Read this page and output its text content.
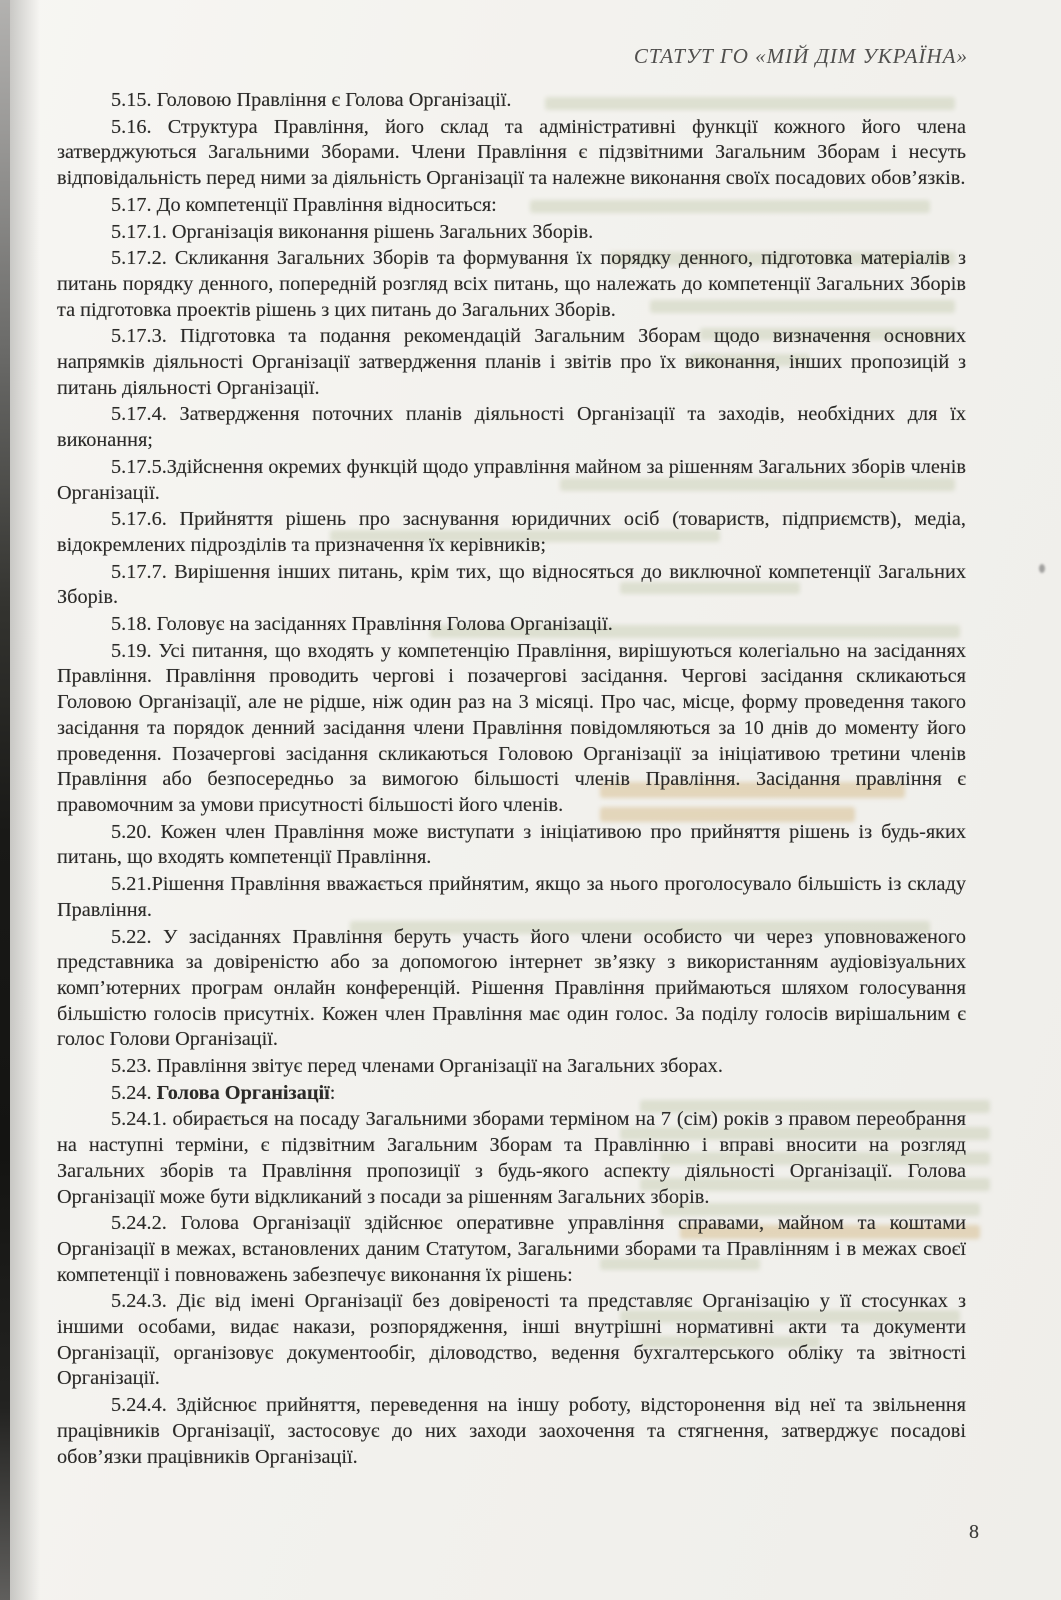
СТАТУТ ГО «МІЙ ДІМ УКРАЇНА»

5.15. Головою Правління є Голова Організації.

5.16. Структура Правління, його склад та адміністративні функції кожного його члена затверджуються Загальними Зборами. Члени Правління є підзвітними Загальним Зборам і несуть відповідальність перед ними за діяльність Організації та належне виконання своїх посадових обов’язків.

5.17. До компетенції Правління відноситься:

5.17.1. Організація виконання рішень Загальних Зборів.

5.17.2. Скликання Загальних Зборів та формування їх порядку денного, підготовка матеріалів з питань порядку денного, попередній розгляд всіх питань, що належать до компетенції Загальних Зборів та підготовка проектів рішень з цих питань до Загальних Зборів.

5.17.3. Підготовка та подання рекомендацій Загальним Зборам щодо визначення основних напрямків діяльності Організації затвердження планів і звітів про їх виконання, інших пропозицій з питань діяльності Організації.

5.17.4. Затвердження поточних планів діяльності Організації та заходів, необхідних для їх виконання;

5.17.5.Здійснення окремих функцій щодо управління майном за рішенням Загальних зборів членів Організації.

5.17.6. Прийняття рішень про заснування юридичних осіб (товариств, підприємств), медіа, відокремлених підрозділів та призначення їх керівників;

5.17.7. Вирішення інших питань, крім тих, що відносяться до виключної компетенції Загальних Зборів.

5.18. Головує на засіданнях Правління Голова Організації.

5.19. Усі питання, що входять у компетенцію Правління, вирішуються колегіально на засіданнях Правління. Правління проводить чергові і позачергові засідання. Чергові засідання скликаються Головою Організації, але не рідше, ніж один раз на 3 місяці. Про час, місце, форму проведення такого засідання та порядок денний засідання члени Правління повідомляються за 10 днів до моменту його проведення. Позачергові засідання скликаються Головою Організації за ініціативою третини членів Правління або безпосередньо за вимогою більшості членів Правління. Засідання правління є правомочним за умови присутності більшості його членів.

5.20. Кожен член Правління може виступати з ініціативою про прийняття рішень із будь-яких питань, що входять компетенції Правління.

5.21.Рішення Правління вважається прийнятим, якщо за нього проголосувало більшість із складу Правління.

5.22. У засіданнях Правління беруть участь його члени особисто чи через уповноваженого представника за довіреністю або за допомогою інтернет зв’язку з використанням аудіовізуальних комп’ютерних програм онлайн конференцій. Рішення Правління приймаються шляхом голосування більшістю голосів присутніх. Кожен член Правління має один голос. За поділу голосів вирішальним є голос Голови Організації.

5.23. Правління звітує перед членами Організації на Загальних зборах.

5.24. Голова Організації:

5.24.1. обирається на посаду Загальними зборами терміном на 7 (сім) років з правом переобрання на наступні терміни, є підзвітним Загальним Зборам та Правлінню і вправі вносити на розгляд Загальних зборів та Правління пропозиції з будь-якого аспекту діяльності Організації. Голова Організації може бути відкликаний з посади за рішенням Загальних зборів.

5.24.2. Голова Організації здійснює оперативне управління справами, майном та коштами Організації в межах, встановлених даним Статутом, Загальними зборами та Правлінням і в межах своєї компетенції і повноважень забезпечує виконання їх рішень:

5.24.3. Діє від імені Організації без довіреності та представляє Організацію у її стосунках з іншими особами, видає накази, розпорядження, інші внутрішні нормативні акти та документи Організації, організовує документообіг, діловодство, ведення бухгалтерського обліку та звітності Організації.

5.24.4. Здійснює прийняття, переведення на іншу роботу, відсторонення від неї та звільнення працівників Організації, застосовує до них заходи заохочення та стягнення, затверджує посадові обов’язки працівників Організації.

8
